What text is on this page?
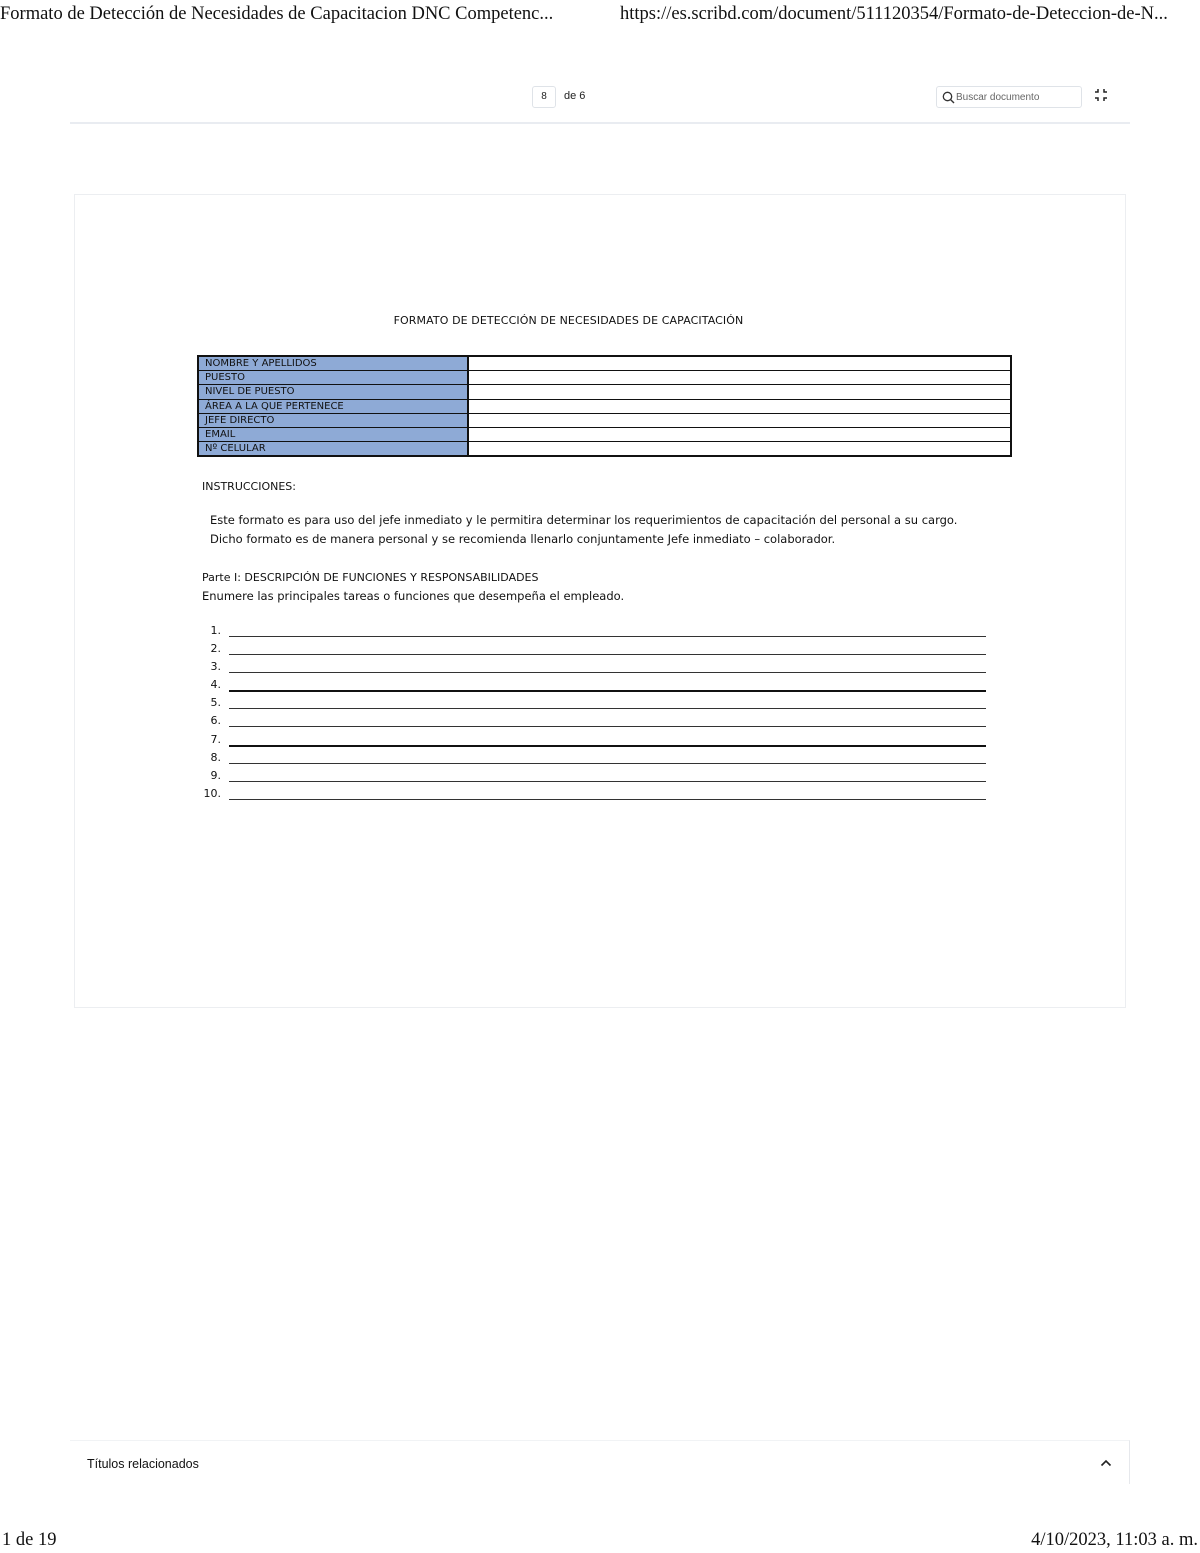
Formato de Detección de Necesidades de Capacitacion DNC Competenc...	https://es.scribd.com/document/511120354/Formato-de-Deteccion-de-N...
8	de 6
Buscar documento
FORMATO DE DETECCIÓN DE NECESIDADES DE CAPACITACIÓN
NOMBRE Y APELLIDOS	
PUESTO	
NIVEL DE PUESTO	
ÁREA A LA QUE PERTENECE	
JEFE DIRECTO	
EMAIL	
Nº CELULAR	
INSTRUCCIONES:
Este formato es para uso del jefe inmediato y le permitira determinar los requerimientos de capacitación del personal a su cargo.
Dicho formato es de manera personal y se recomienda llenarlo conjuntamente Jefe inmediato – colaborador.
Parte I: DESCRIPCIÓN DE FUNCIONES Y RESPONSABILIDADES
Enumere las principales tareas o funciones que desempeña el empleado.
1.
2.
3.
4.
5.
6.
7.
8.
9.
10.
Títulos relacionados
1 de 19	4/10/2023, 11:03 a. m.
